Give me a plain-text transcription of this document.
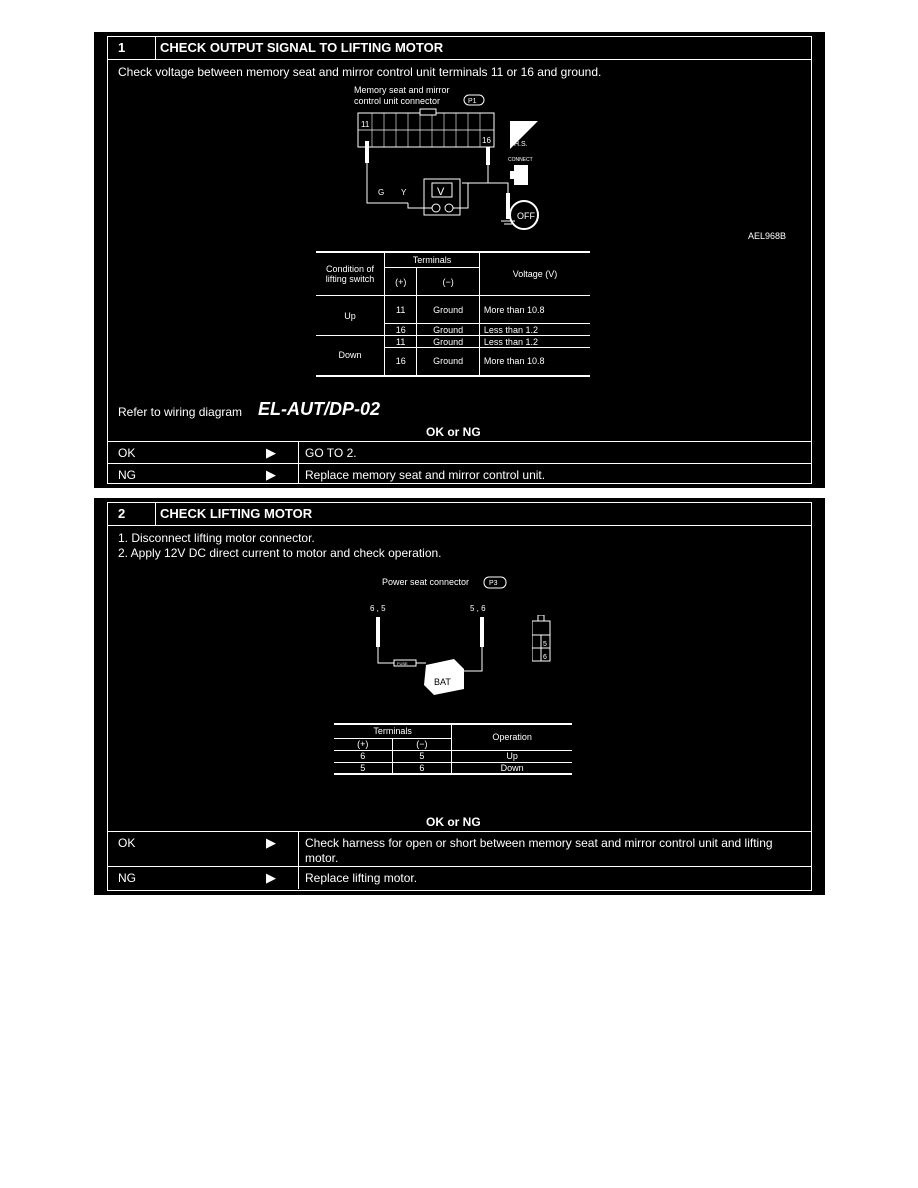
1	CHECK OUTPUT SIGNAL TO LIFTING MOTOR
Check voltage between memory seat and mirror control unit terminals 11 or 16 and ground.
Memory seat and mirror
control unit connector	P1
11
16
G Y	V
H.S.
CONNECT
OFF
AEL968B
Condition of lifting switch	Terminals		Voltage (V)
	(+)	(−)	
Up	11	Ground	More than 10.8
	16	Ground	Less than 1.2
Down	11	Ground	Less than 1.2
	16	Ground	More than 10.8
Refer to wiring diagram EL-AUT/DP-02
OK or NG
OK	▶	GO TO 2.
NG	▶	Replace memory seat and mirror control unit.
2	CHECK LIFTING MOTOR
1. Disconnect lifting motor connector.
2. Apply 12V DC direct current to motor and check operation.
Power seat connector	P3
6 , 5	5 , 6
FUSE
BAT
5
6
Terminals		Operation
(+)	(−)	
6	5	Up
5	6	Down
OK or NG
OK	▶	Check harness for open or short between memory seat and mirror control unit and lifting motor.
NG	▶	Replace lifting motor.
